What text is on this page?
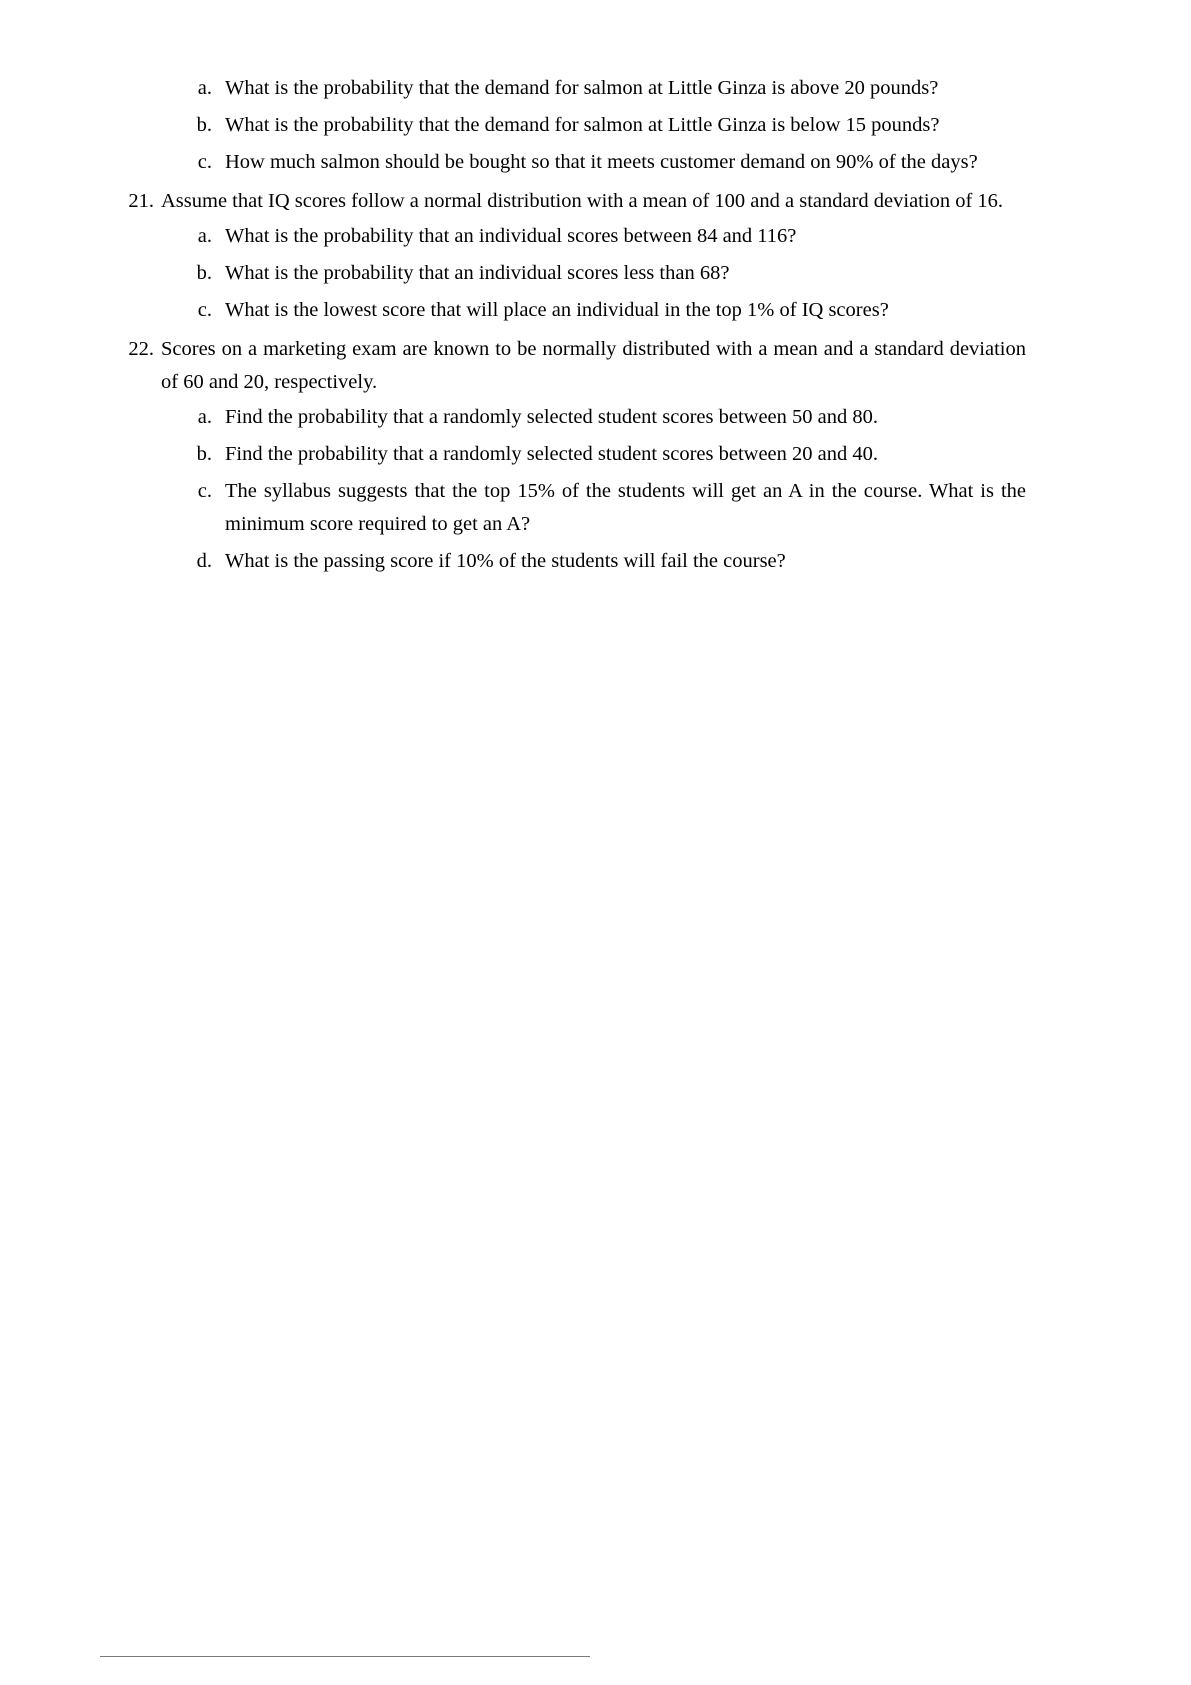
a. What is the probability that the demand for salmon at Little Ginza is above 20 pounds?
b. What is the probability that the demand for salmon at Little Ginza is below 15 pounds?
c. How much salmon should be bought so that it meets customer demand on 90% of the days?
21. Assume that IQ scores follow a normal distribution with a mean of 100 and a standard deviation of 16.
a. What is the probability that an individual scores between 84 and 116?
b. What is the probability that an individual scores less than 68?
c. What is the lowest score that will place an individual in the top 1% of IQ scores?
22. Scores on a marketing exam are known to be normally distributed with a mean and a standard deviation of 60 and 20, respectively.
a. Find the probability that a randomly selected student scores between 50 and 80.
b. Find the probability that a randomly selected student scores between 20 and 40.
c. The syllabus suggests that the top 15% of the students will get an A in the course. What is the minimum score required to get an A?
d. What is the passing score if 10% of the students will fail the course?
